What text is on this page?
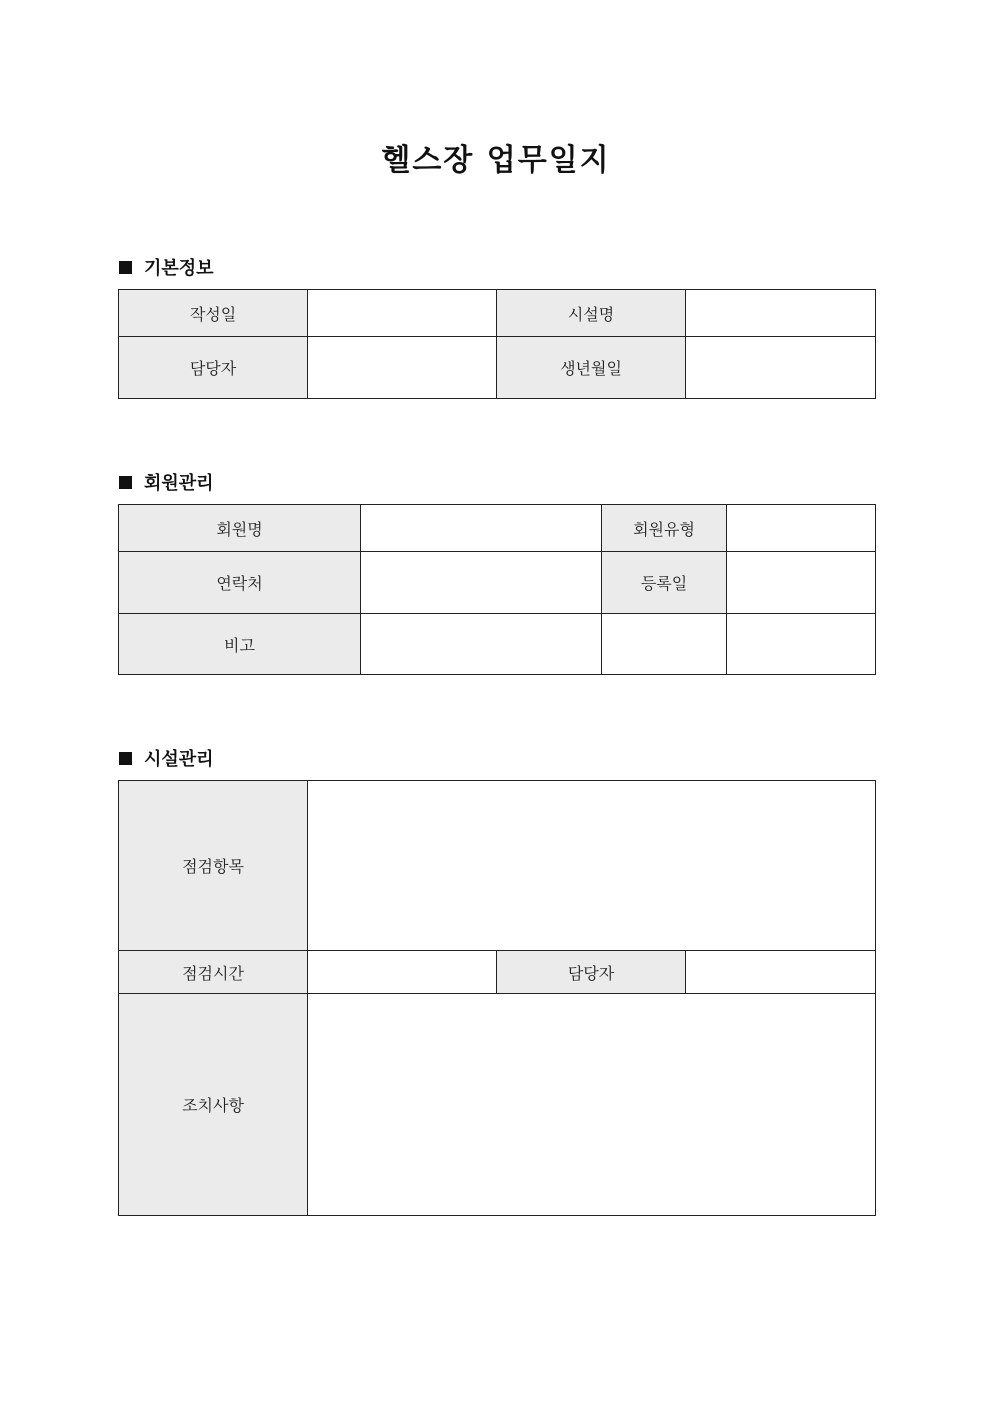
헬스장 업무일지
기본정보
작성일		시설명	
담당자		생년월일	
회원관리
회원명		회원유형	
연락처		등록일	
비고			
시설관리
점검항목			
점검시간		담당자	
조치사항			
